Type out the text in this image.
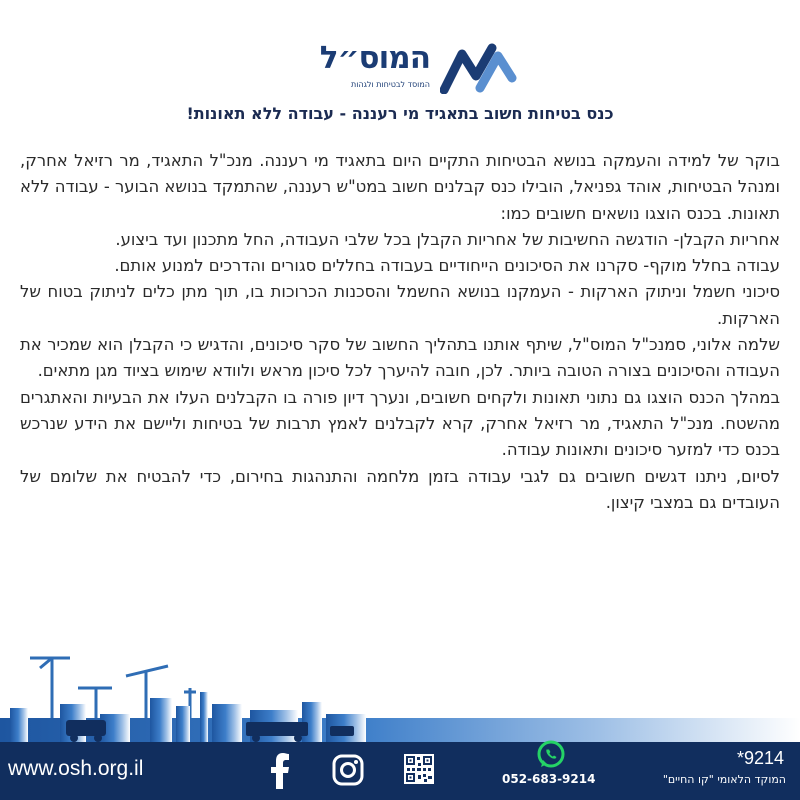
המוס״ל
המוסד לבטיחות ולגהות
כנס בטיחות חשוב בתאגיד מי רעננה - עבודה ללא תאונות!

בוקר של למידה והעמקה בנושא הבטיחות התקיים היום בתאגיד מי רעננה. מנכ"ל התאגיד, מר רזיאל אחרק, ומנהל הבטיחות, אוהד גפניאל, הובילו כנס קבלנים חשוב במט"ש רעננה, שהתמקד בנושא הבוער - עבודה ללא תאונות. בכנס הוצגו נושאים חשובים כמו:

אחריות הקבלן- הודגשה החשיבות של אחריות הקבלן בכל שלבי העבודה, החל מתכנון ועד ביצוע.

עבודה בחלל מוקף- סקרנו את הסיכונים הייחודיים בעבודה בחללים סגורים והדרכים למנוע אותם.

סיכוני חשמל וניתוק הארקות - העמקנו בנושא החשמל והסכנות הכרוכות בו, תוך מתן כלים לניתוק בטוח של הארקות.

שלמה אלוני, סמנכ"ל המוס"ל, שיתף אותנו בתהליך החשוב של סקר סיכונים, והדגיש כי הקבלן הוא שמכיר את העבודה והסיכונים בצורה הטובה ביותר. לכן, חובה להיערך לכל סיכון מראש ולוודא שימוש בציוד מגן מתאים.

במהלך הכנס הוצגו גם נתוני תאונות ולקחים חשובים, ונערך דיון פורה בו הקבלנים העלו את הבעיות והאתגרים מהשטח. מנכ"ל התאגיד, מר רזיאל אחרק, קרא לקבלנים לאמץ תרבות של בטיחות וליישם את הידע שנרכש בכנס כדי למזער סיכונים ותאונות עבודה.

לסיום, ניתנו דגשים חשובים גם לגבי עבודה בזמן מלחמה והתנהגות בחירום, כדי להבטיח את שלומם של העובדים גם במצבי קיצון.

www.osh.org.il	052-683-9214
*9214
המוקד הלאומי "קו החיים"
